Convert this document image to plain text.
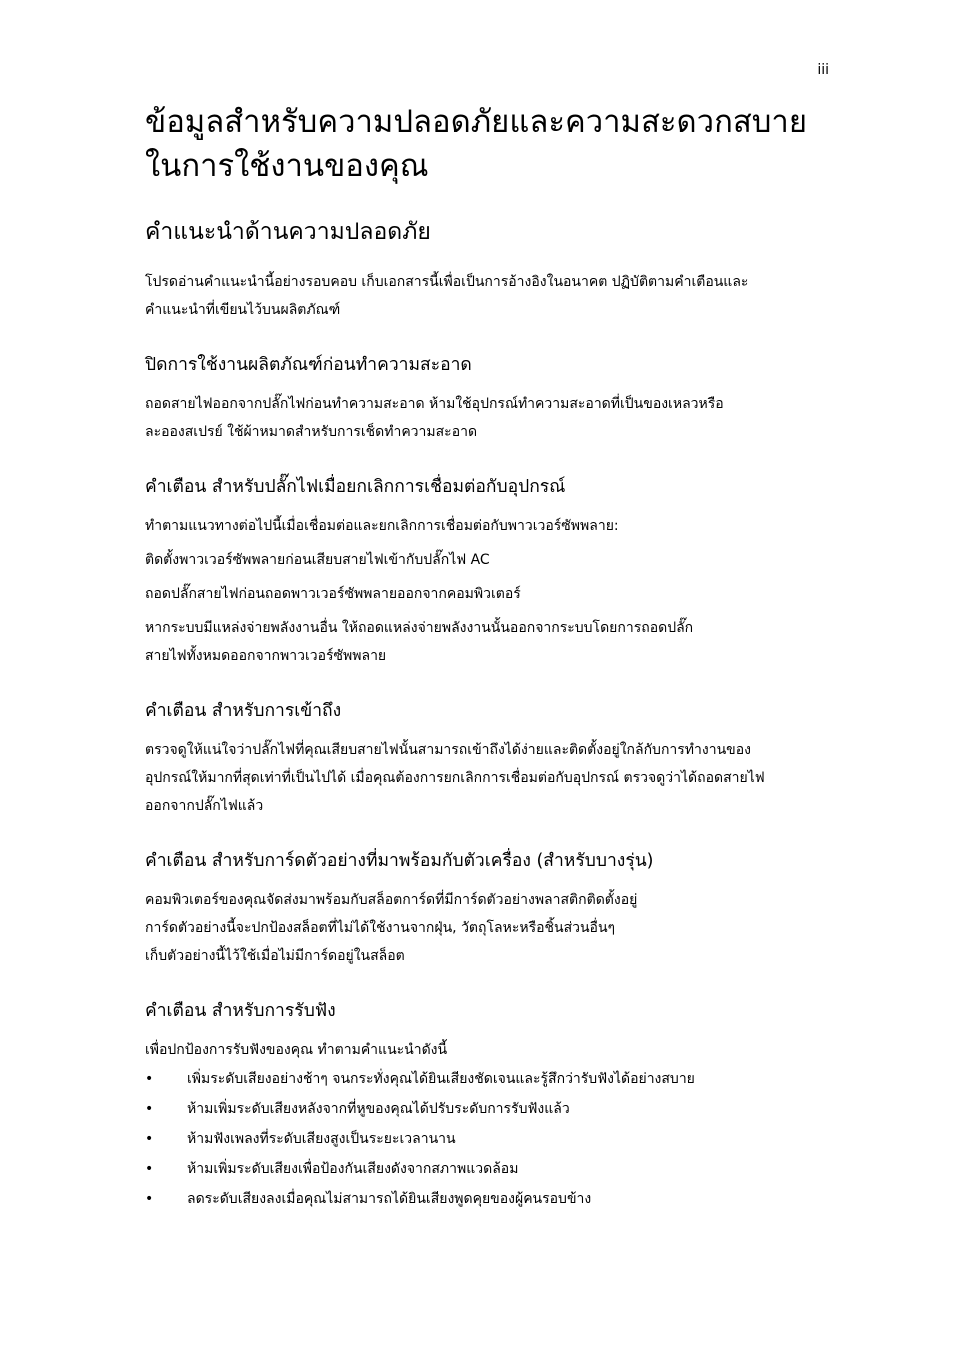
iii
ข้อมูลสำหรับความปลอดภัยและความสะดวกสบาย
ในการใช้งานของคุณ
คำแนะนำด้านความปลอดภัย

โปรดอ่านคำแนะนำนี้อย่างรอบคอบ เก็บเอกสารนี้เพื่อเป็นการอ้างอิงในอนาคต ปฏิบัติตามคำเตือนและ
คำแนะนำที่เขียนไว้บนผลิตภัณฑ์

ปิดการใช้งานผลิตภัณฑ์ก่อนทำความสะอาด

ถอดสายไฟออกจากปลั๊กไฟก่อนทำความสะอาด ห้ามใช้อุปกรณ์ทำความสะอาดที่เป็นของเหลวหรือ
ละอองสเปรย์ ใช้ผ้าหมาดสำหรับการเช็ดทำความสะอาด

คำเตือน สำหรับปลั๊กไฟเมื่อยกเลิกการเชื่อมต่อกับอุปกรณ์

ทำตามแนวทางต่อไปนี้เมื่อเชื่อมต่อและยกเลิกการเชื่อมต่อกับพาวเวอร์ซัพพลาย:

ติดตั้งพาวเวอร์ซัพพลายก่อนเสียบสายไฟเข้ากับปลั๊กไฟ AC

ถอดปลั๊กสายไฟก่อนถอดพาวเวอร์ซัพพลายออกจากคอมพิวเตอร์

หากระบบมีแหล่งจ่ายพลังงานอื่น ให้ถอดแหล่งจ่ายพลังงานนั้นออกจากระบบโดยการถอดปลั๊ก
สายไฟทั้งหมดออกจากพาวเวอร์ซัพพลาย

คำเตือน สำหรับการเข้าถึง

ตรวจดูให้แน่ใจว่าปลั๊กไฟที่คุณเสียบสายไฟนั้นสามารถเข้าถึงได้ง่ายและติดตั้งอยู่ใกล้กับการทำงานของ
อุปกรณ์ให้มากที่สุดเท่าที่เป็นไปได้ เมื่อคุณต้องการยกเลิกการเชื่อมต่อกับอุปกรณ์ ตรวจดูว่าได้ถอดสายไฟ
ออกจากปลั๊กไฟแล้ว

คำเตือน สำหรับการ์ดตัวอย่างที่มาพร้อมกับตัวเครื่อง (สำหรับบางรุ่น)

คอมพิวเตอร์ของคุณจัดส่งมาพร้อมกับสล็อตการ์ดที่มีการ์ดตัวอย่างพลาสติกติดตั้งอยู่
การ์ดตัวอย่างนี้จะปกป้องสล็อตที่ไม่ได้ใช้งานจากฝุ่น, วัตถุโลหะหรือชิ้นส่วนอื่นๆ
เก็บตัวอย่างนี้ไว้ใช้เมื่อไม่มีการ์ดอยู่ในสล็อต

คำเตือน สำหรับการรับฟัง

เพื่อปกป้องการรับฟังของคุณ ทำตามคำแนะนำดังนี้

• เพิ่มระดับเสียงอย่างช้าๆ จนกระทั่งคุณได้ยินเสียงชัดเจนและรู้สึกว่ารับฟังได้อย่างสบาย
• ห้ามเพิ่มระดับเสียงหลังจากที่หูของคุณได้ปรับระดับการรับฟังแล้ว
• ห้ามฟังเพลงที่ระดับเสียงสูงเป็นระยะเวลานาน
• ห้ามเพิ่มระดับเสียงเพื่อป้องกันเสียงดังจากสภาพแวดล้อม
• ลดระดับเสียงลงเมื่อคุณไม่สามารถได้ยินเสียงพูดคุยของผู้คนรอบข้าง
